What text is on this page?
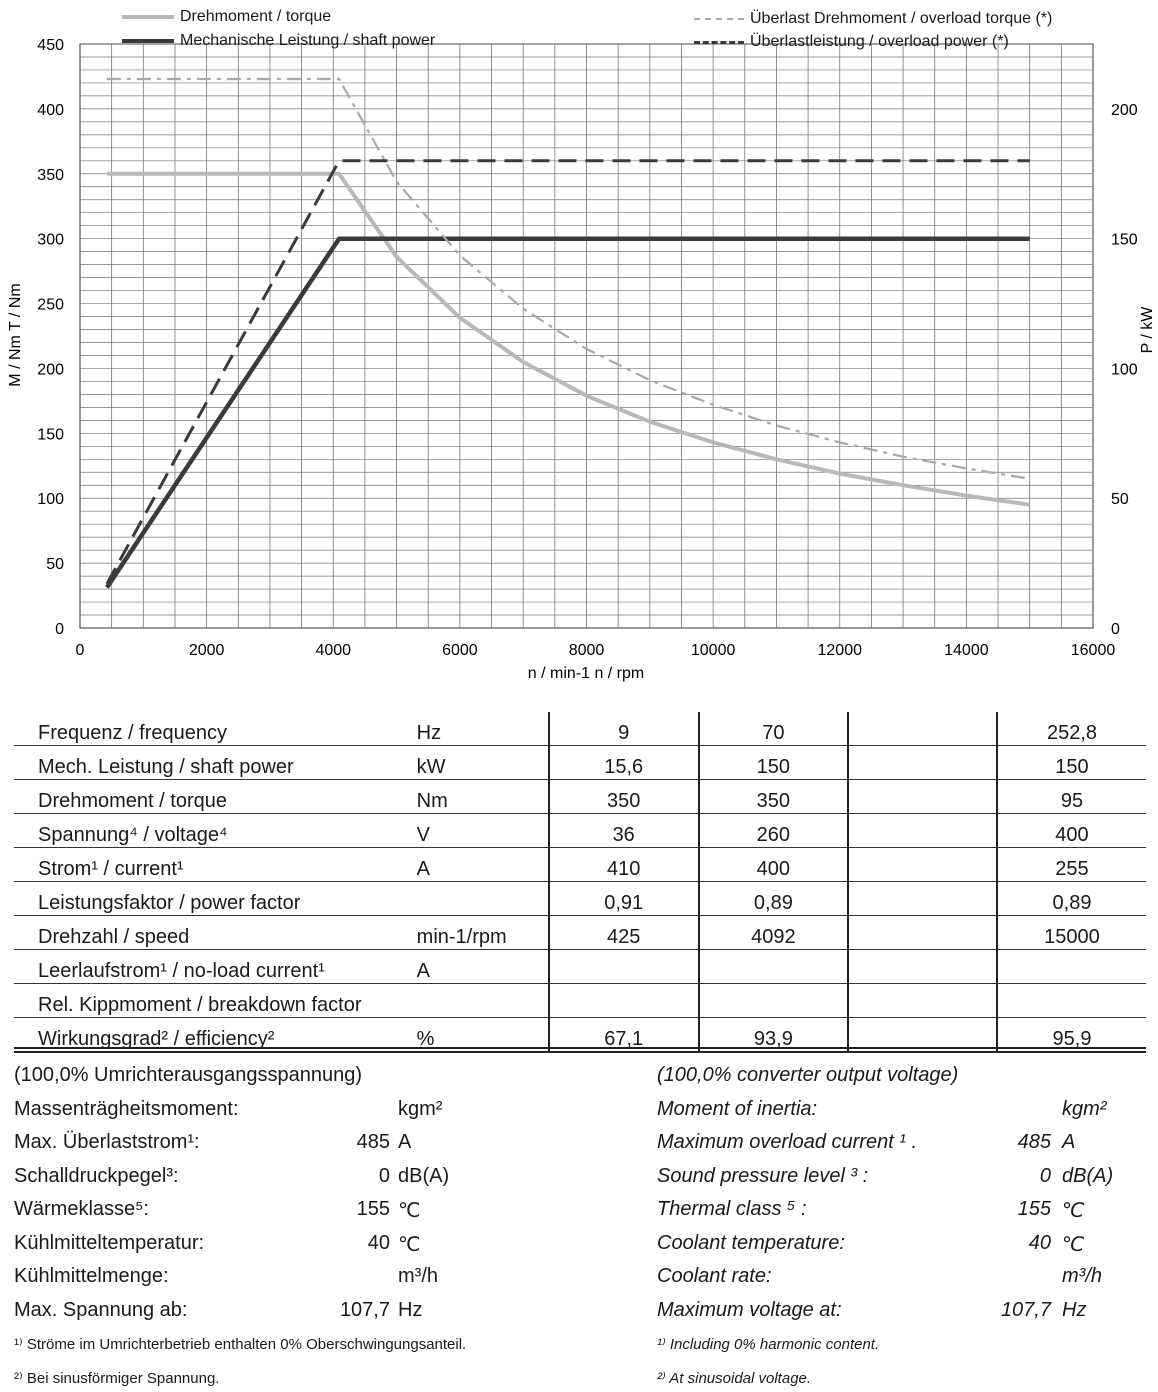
0	2000	4000	6000	8000	10000	12000	14000	16000
0
50
100
150
200
250
300
350
400
450
0
50
100
150
200
n / min-1 n / rpm
M / Nm T / Nm	P / kW
Drehmoment / torque
Mechanische Leistung / shaft power
Überlast Drehmoment / overload torque (*)
Überlastleistung / overload power (*)
Frequenz / frequency	Hz	9	70		252,8
Mech. Leistung / shaft power	kW	15,6	150		150
Drehmoment / torque	Nm	350	350		95
Spannung⁴ / voltage⁴	V	36	260		400
Strom¹ / current¹	A	410	400		255
Leistungsfaktor / power factor		0,91	0,89		0,89
Drehzahl / speed	min-1/rpm	425	4092		15000
Leerlaufstrom¹ / no-load current¹	A				
Rel. Kippmoment / breakdown factor					
Wirkungsgrad² / efficiency²	%	67,1	93,9		95,9
(100,0% Umrichterausgangsspannung)
Massenträgheitsmoment:	kgm²
Max. Überlaststrom¹:	485 A
Schalldruckpegel³:	0 dB(A)
Wärmeklasse⁵:	155 ℃
Kühlmitteltemperatur:	40 ℃
Kühlmittelmenge:	m³/h
Max. Spannung ab:	107,7 Hz
¹⁾ Ströme im Umrichterbetrieb enthalten 0% Oberschwingungsanteil.
²⁾ Bei sinusförmiger Spannung.
(100,0% converter output voltage)
Moment of inertia:	kgm²
Maximum overload current ¹ .	485 A
Sound pressure level ³ :	0 dB(A)
Thermal class ⁵ :	155 ℃
Coolant temperature:	40 ℃
Coolant rate:	m³/h
Maximum voltage at:	107,7 Hz
¹⁾ Including 0% harmonic content.
²⁾ At sinusoidal voltage.
